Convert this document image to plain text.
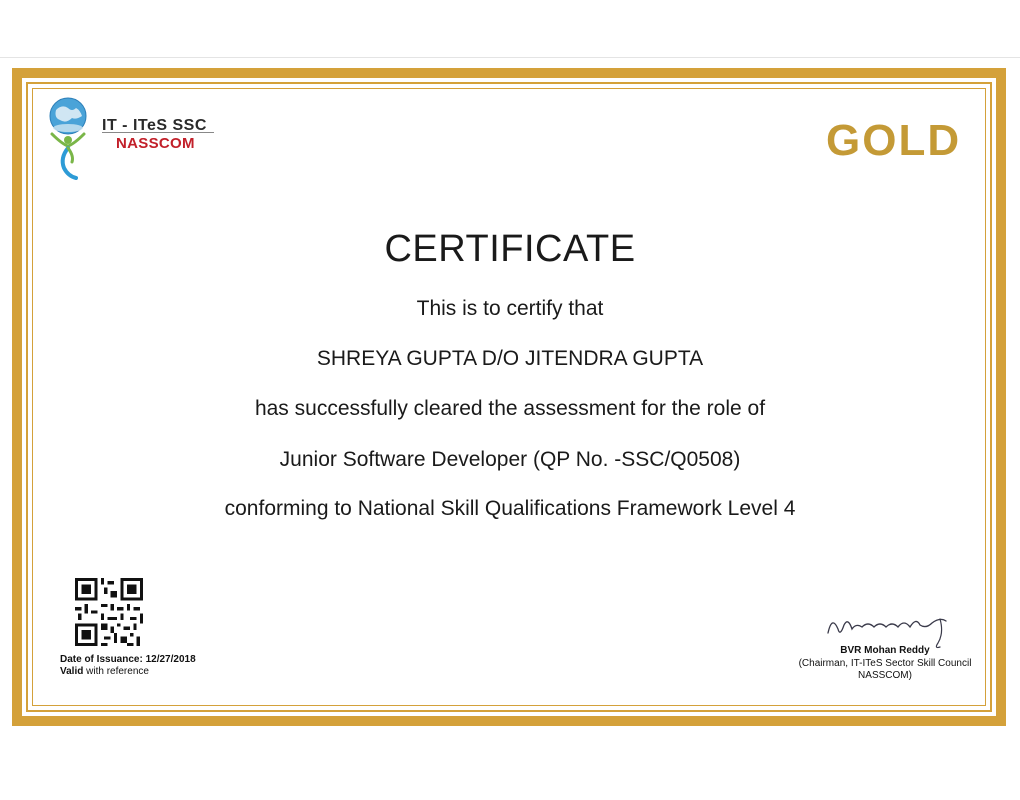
IT - ITeS SSC
NASSCOM	GOLD
CERTIFICATE
This is to certify that
SHREYA GUPTA D/O JITENDRA GUPTA
has successfully cleared the assessment for the role of
Junior Software Developer (QP No. -SSC/Q0508)
conforming to National Skill Qualifications Framework Level 4
Date of Issuance: 12/27/2018
Valid with reference
BVR Mohan Reddy
(Chairman, IT-ITeS Sector Skill Council
NASSCOM)
